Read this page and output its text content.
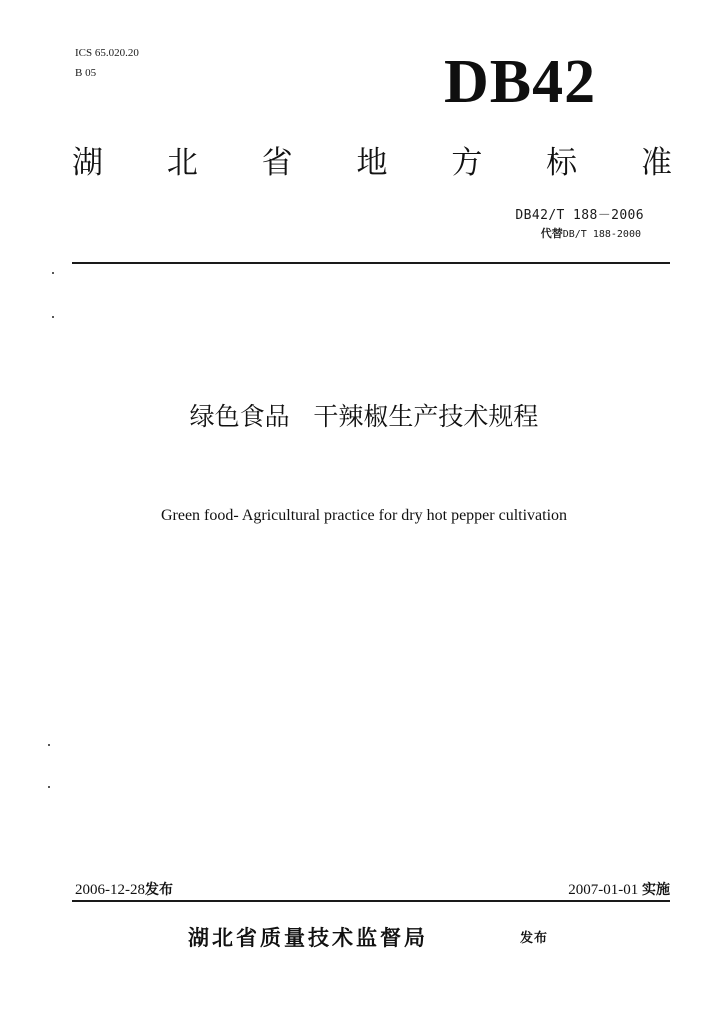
ICS 65.020.20
B 05	DB42
湖 北 省 地 方 标 准
DB42/T 188－2006
代替DB/T 188-2000
绿色食品   干辣椒生产技术规程
Green food- Agricultural practice for dry hot pepper cultivation
2006-12-28发布	2007-01-01 实施
湖北省质量技术监督局	发布
